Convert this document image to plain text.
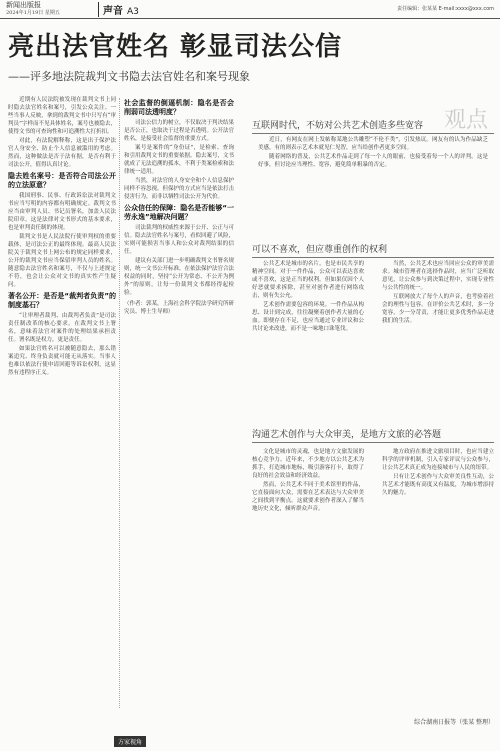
新闻出版报
2024年1月19日 星期五	声音 A3	责任编辑：张某某 E-mail:xxxx@xxx.com
亮出法官姓名 彰显司法公信
——评多地法院裁判文书隐去法官姓名和案号现象

近期有人民法院被发现在裁判文书上同时隐去法官姓名和案号，引发公众关注。一些当事人反映，拿到的裁判文书中只写有“审判员”字样而不见具体姓名，案号也被隐去，使得文书的可查询性和可追溯性大打折扣。

对此，有法院解释称，这是出于保护法官人身安全、防止个人信息被滥用的考虑。然而，这种做法是否于法有据，是否有利于司法公开，值得认真讨论。

隐去姓名案号：是否符合司法公开的立法原意？

我国刑事、民事、行政诉讼法对裁判文书应当写明的内容都有明确规定。裁判文书应当由审判人员、书记员署名，加盖人民法院印章。这是法律对文书形式的基本要求，也是审判责任制的体现。

裁判文书是人民法院行使审判权的重要载体，是司法公正的最终体现。最高人民法院关于裁判文书上网公布的规定同样要求，公开的裁判文书应当保留审判人员的姓名。随意隐去法官姓名和案号，不仅与上述规定不符，也会让公众对文书的真实性产生疑问。

著名公开：是否是“裁判者负责”的制度基石？

“让审理者裁判、由裁判者负责”是司法责任制改革的核心要求。在裁判文书上署名，意味着法官对案件的处理结果承担责任。署名既是权力，更是责任。

如果法官姓名可以被随意隐去，那么错案追究、终身负责就可能无从落实。当事人也难以依法行使申请回避等诉讼权利，这显然有违程序正义。

社会监督的倒逼机制：隐名是否会削弱司法透明度？

司法公信力的树立，不仅取决于判决结果是否公正，也取决于过程是否透明。公开法官姓名，是接受社会监督的重要方式。

案号是案件的“身份证”，是检索、查询和引用裁判文书的重要依据。隐去案号，文书就成了无法追溯的孤本，不利于类案检索和法律统一适用。

当然，对法官的人身安全和个人信息保护同样不容忽视。但保护的方式应当是依法打击侵害行为，而非以牺牲司法公开为代价。

公众信任的保障：隐名是否能够“一劳永逸”地解决问题？

司法裁判的权威性来源于公开、公正与可信。隐去法官姓名与案号，看似回避了风险，实则可能损害当事人和公众对裁判结果的信任。

建议有关部门进一步明确裁判文书署名规则，统一文书公开标准，在依法保护法官合法权益的同时，坚持“公开为常态、不公开为例外”的原则，让每一份裁判文书都经得起检验。

（作者：郭某，上海社会科学院法学研究所研究员、博士生导师）

观点
互联网时代，不妨对公共艺术创造多些宽容

近日，有网友在网上发帖称某地公共雕塑“不伦不类”，引发热议。网友有的认为作品缺乏美感，有的则表示艺术本就见仁见智，应当给创作者更多空间。

随着网络的普及，公共艺术作品走到了每一个人的眼前，也接受着每一个人的评判。这是好事，但讨论应当理性、宽容，避免简单粗暴的否定。

可以不喜欢，但应尊重创作的权利

公共艺术是城市的名片，也是市民共享的精神空间。对于一件作品，公众可以表达喜欢或不喜欢，这是正当的权利。但如果仅因个人好恶就要求拆除，甚至对创作者进行网络攻击，则有失公允。

艺术创作需要包容的环境。一件作品从构思、设计到完成，往往凝聚着创作者大量的心血。即便存在不足，也应当通过专业评议和公共讨论来改进，而不是一味地口诛笔伐。

当然，公共艺术也应当回应公众的审美需求。城市管理者在选择作品时，应当广泛听取意见，让公众参与到决策过程中，实现专业性与公共性的统一。

互联网放大了每个人的声音，也考验着社会的理性与包容。在评价公共艺术时，多一分宽容，少一分苛责，才能让更多优秀作品走进我们的生活。

沟通艺术创作与大众审美，是地方文旅的必答题

文化是城市的灵魂，也是地方文旅发展的核心竞争力。近年来，不少地方以公共艺术为抓手，打造城市地标，吸引游客打卡，取得了良好的社会效益和经济效益。

然而，公共艺术不同于美术馆里的作品，它直接面向大众，需要在艺术表达与大众审美之间找到平衡点。这就要求创作者深入了解当地历史文化，倾听群众声音。

地方政府在推进文旅项目时，也应当建立科学的评审机制，引入专家评议与公众参与，让公共艺术真正成为连接城市与人民的纽带。

只有让艺术创作与大众审美良性互动，公共艺术才能既有高度又有温度，为城市增添持久的魅力。

综合湖南日报等（张某 整理）
方家视角
